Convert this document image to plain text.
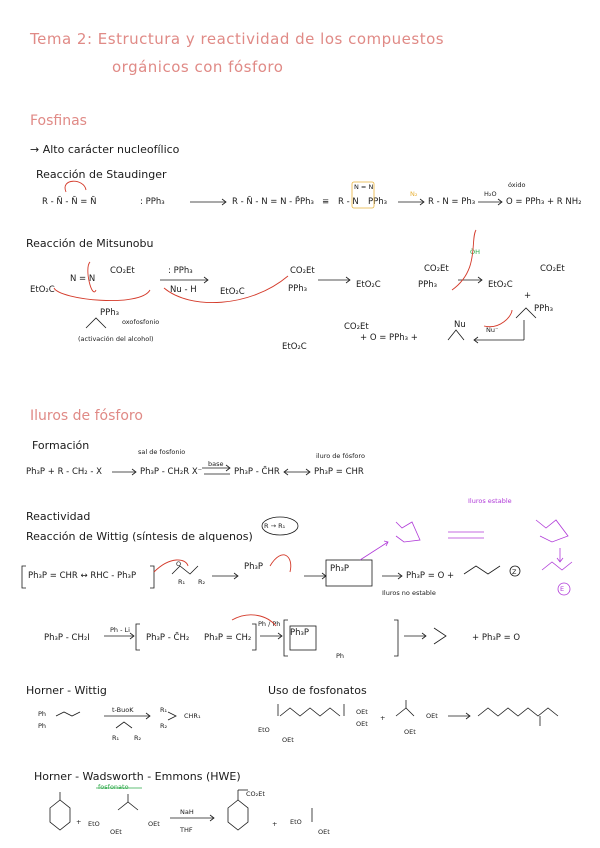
Tema 2: Estructura y reactividad de los compuestos
orgánicos con fósforo
Fosfinas
→ Alto carácter nucleofílico
Reacción de Staudinger
R - N̄ - N̄ = N̄	: PPh₃	R - N̄ - N = N - P̄Ph₃ ≡ R - N
N = N
PPh₃
N₂
R - N = Ph₃
H₂O
óxido
O = PPh₃ + R NH₂
Reacción de Mitsunobu
EtO₂C
N = N
CO₂Et	: PPh₃
Nu - H	EtO₂C
CO₂Et
PPh₃	EtO₂C
CO₂Et
PPh₃
ÖH
EtO₂C
CO₂Et
+
PPh₃
PPh₃
oxofosfonio
(activación del alcohol)
Nu⁻
EtO₂C
CO₂Et
+ O = PPh₃ +
Nu
Iluros de fósforo
Formación
Ph₃P + R - CH₂ - X
sal de fosfonio
Ph₃P - CH₂R X⁻
base
Ph₃P - C̄HR
iluro de fósforo
Ph₃P = CHR
Reactividad
Reacción de Wittig (síntesis de alquenos)
R → R₁
Iluros estable
Ph₃P = CHR ↔ RHC - Ph₃P
O
R₁ R₂
Ph₃P	Ph₃P
Ph₃P = O +
Iluros no estable
Z
E
Ph₃P - CH₂I
Ph - Li
Ph₃P - C̄H₂ Ph₃P = CH₂
Ph / Ph
Ph₃P
Ph
+ Ph₃P = O
Horner - Wittig
Ph
Ph
t-BuoK
R₁ R₂
CHR₁
R₁
R₂
Uso de fosfonatos
EtO
OEt
OEt
OEt
+	OEt
OEt
Horner - Wadsworth - Emmons (HWE)
fosfonato
+ EtO
OEt
OEt
NaH
THF
CO₂Et
+ EtO
OEt
